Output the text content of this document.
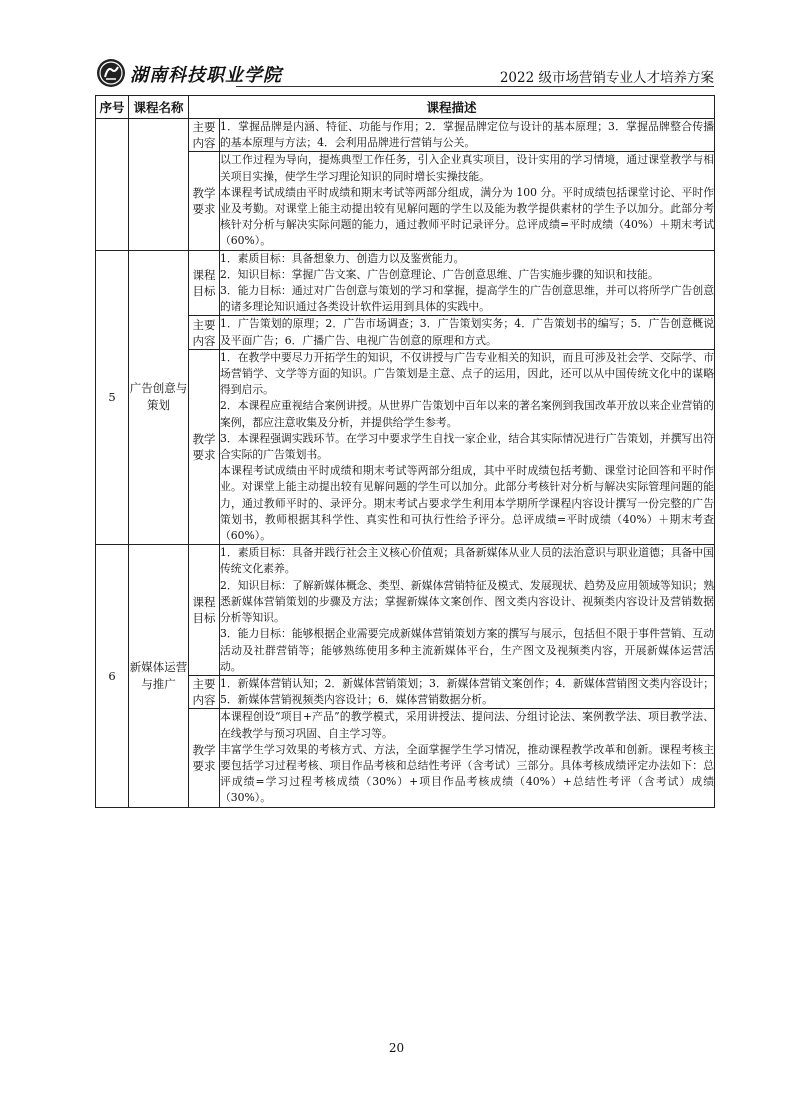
湖南科技职业学院	2022 级市场营销专业人才培养方案
序号	课程名称	课程描述	
		主要内容	1．掌握品牌是内涵、特征、功能与作用；2．掌握品牌定位与设计的基本原理；3．掌握品牌整合传播的基本原理与方法；4．会利用品牌进行营销与公关。

		教学要求	以工作过程为导向，提炼典型工作任务，引入企业真实项目，设计实用的学习情境，通过课堂教学与相关项目实操，使学生学习理论知识的同时增长实操技能。

本课程考试成绩由平时成绩和期末考试等两部分组成，满分为 100 分。平时成绩包括课堂讨论、平时作业及考勤。对课堂上能主动提出较有见解问题的学生以及能为教学提供素材的学生予以加分。此部分考核针对分析与解决实际问题的能力，通过教师平时记录评分。总评成绩=平时成绩（40%）＋期末考试（60%）。

5	广告创意与策划	课程目标	1．素质目标：具备想象力、创造力以及鉴赏能力。

2．知识目标：掌握广告文案、广告创意理论、广告创意思维、广告实施步骤的知识和技能。

3．能力目标：通过对广告创意与策划的学习和掌握，提高学生的广告创意思维，并可以将所学广告创意的诸多理论知识通过各类设计软件运用到具体的实践中。

		主要内容	1．广告策划的原理；2．广告市场调查；3．广告策划实务；4．广告策划书的编写；5．广告创意概说及平面广告；6．广播广告、电视广告创意的原理和方式。

		教学要求	1．在教学中要尽力开拓学生的知识，不仅讲授与广告专业相关的知识，而且可涉及社会学、交际学、市场营销学、文学等方面的知识。广告策划是主意、点子的运用，因此，还可以从中国传统文化中的谋略得到启示。

2．本课程应重视结合案例讲授。从世界广告策划中百年以来的著名案例到我国改革开放以来企业营销的案例，都应注意收集及分析，并提供给学生参考。

3．本课程强调实践环节。在学习中要求学生自找一家企业，结合其实际情况进行广告策划，并撰写出符合实际的广告策划书。

本课程考试成绩由平时成绩和期末考试等两部分组成，其中平时成绩包括考勤、课堂讨论回答和平时作业。对课堂上能主动提出较有见解问题的学生可以加分。此部分考核针对分析与解决实际管理问题的能力，通过教师平时的、录评分。期末考试占要求学生利用本学期所学课程内容设计撰写一份完整的广告策划书，教师根据其科学性、真实性和可执行性给予评分。总评成绩=平时成绩（40%）＋期末考查（60%）。

6	新媒体运营与推广	课程目标	1．素质目标：具备并践行社会主义核心价值观；具备新媒体从业人员的法治意识与职业道德；具备中国传统文化素养。

2．知识目标：了解新媒体概念、类型、新媒体营销特征及模式、发展现状、趋势及应用领域等知识；熟悉新媒体营销策划的步骤及方法；掌握新媒体文案创作、图文类内容设计、视频类内容设计及营销数据分析等知识。

3．能力目标：能够根据企业需要完成新媒体营销策划方案的撰写与展示，包括但不限于事件营销、互动活动及社群营销等；能够熟练使用多种主流新媒体平台，生产图文及视频类内容，开展新媒体运营活动。

		主要内容	1．新媒体营销认知；2．新媒体营销策划；3．新媒体营销文案创作；4．新媒体营销图文类内容设计；5．新媒体营销视频类内容设计；6．媒体营销数据分析。

		教学要求	本课程创设“项目+产品”的教学模式，采用讲授法、提问法、分组讨论法、案例教学法、项目教学法、在线教学与预习巩固、自主学习等。

丰富学生学习效果的考核方式、方法，全面掌握学生学习情况，推动课程教学改革和创新。课程考核主要包括学习过程考核、项目作品考核和总结性考评（含考试）三部分。具体考核成绩评定办法如下：总评成绩=学习过程考核成绩（30%）+项目作品考核成绩（40%）+总结性考评（含考试）成绩（30%）。

20
